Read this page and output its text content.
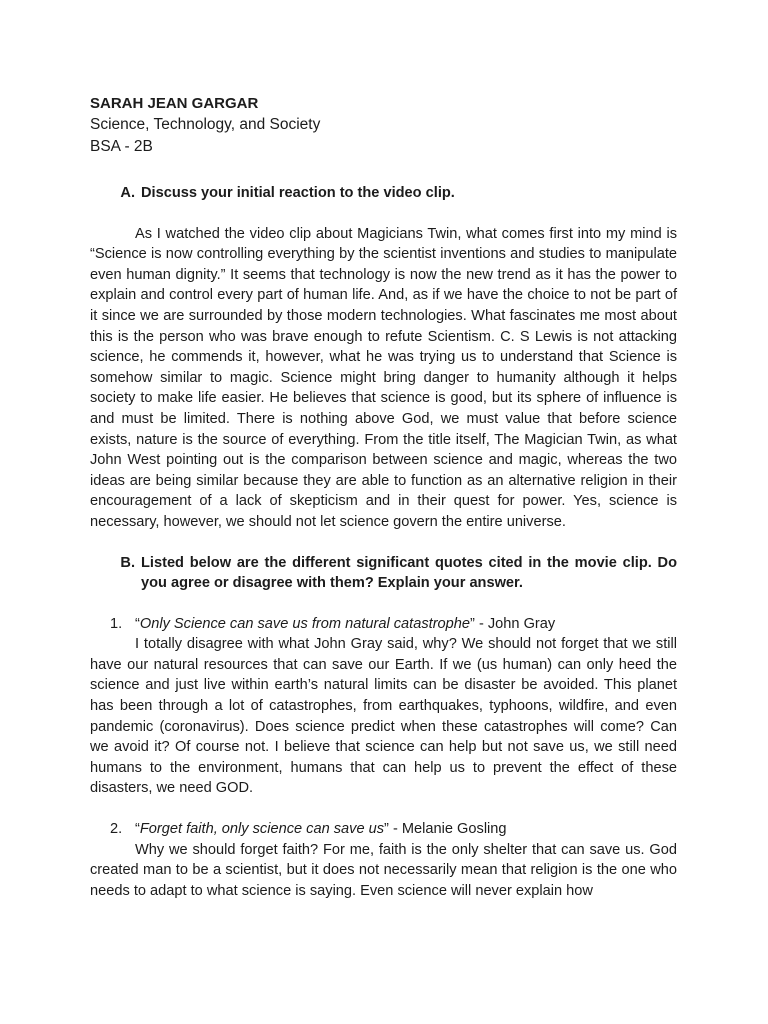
SARAH JEAN GARGAR

Science, Technology, and Society

BSA - 2B

A. Discuss your initial reaction to the video clip.

As I watched the video clip about Magicians Twin, what comes first into my mind is “Science is now controlling everything by the scientist inventions and studies to manipulate even human dignity.” It seems that technology is now the new trend as it has the power to explain and control every part of human life. And, as if we have the choice to not be part of it since we are surrounded by those modern technologies. What fascinates me most about this is the person who was brave enough to refute Scientism. C. S Lewis is not attacking science, he commends it, however, what he was trying us to understand that Science is somehow similar to magic. Science might bring danger to humanity although it helps society to make life easier. He believes that science is good, but its sphere of influence is and must be limited. There is nothing above God, we must value that before science exists, nature is the source of everything. From the title itself, The Magician Twin, as what John West pointing out is the comparison between science and magic, whereas the two ideas are being similar because they are able to function as an alternative religion in their encouragement of a lack of skepticism and in their quest for power. Yes, science is necessary, however, we should not let science govern the entire universe.

B. Listed below are the different significant quotes cited in the movie clip. Do you agree or disagree with them? Explain your answer.
1. “Only Science can save us from natural catastrophe” - John Gray

I totally disagree with what John Gray said, why? We should not forget that we still have our natural resources that can save our Earth. If we (us human) can only heed the science and just live within earth’s natural limits can be disaster be avoided. This planet has been through a lot of catastrophes, from earthquakes, typhoons, wildfire, and even pandemic (coronavirus). Does science predict when these catastrophes will come? Can we avoid it? Of course not. I believe that science can help but not save us, we still need humans to the environment, humans that can help us to prevent the effect of these disasters, we need GOD.

2. “Forget faith, only science can save us” - Melanie Gosling

Why we should forget faith? For me, faith is the only shelter that can save us. God created man to be a scientist, but it does not necessarily mean that religion is the one who needs to adapt to what science is saying. Even science will never explain how
